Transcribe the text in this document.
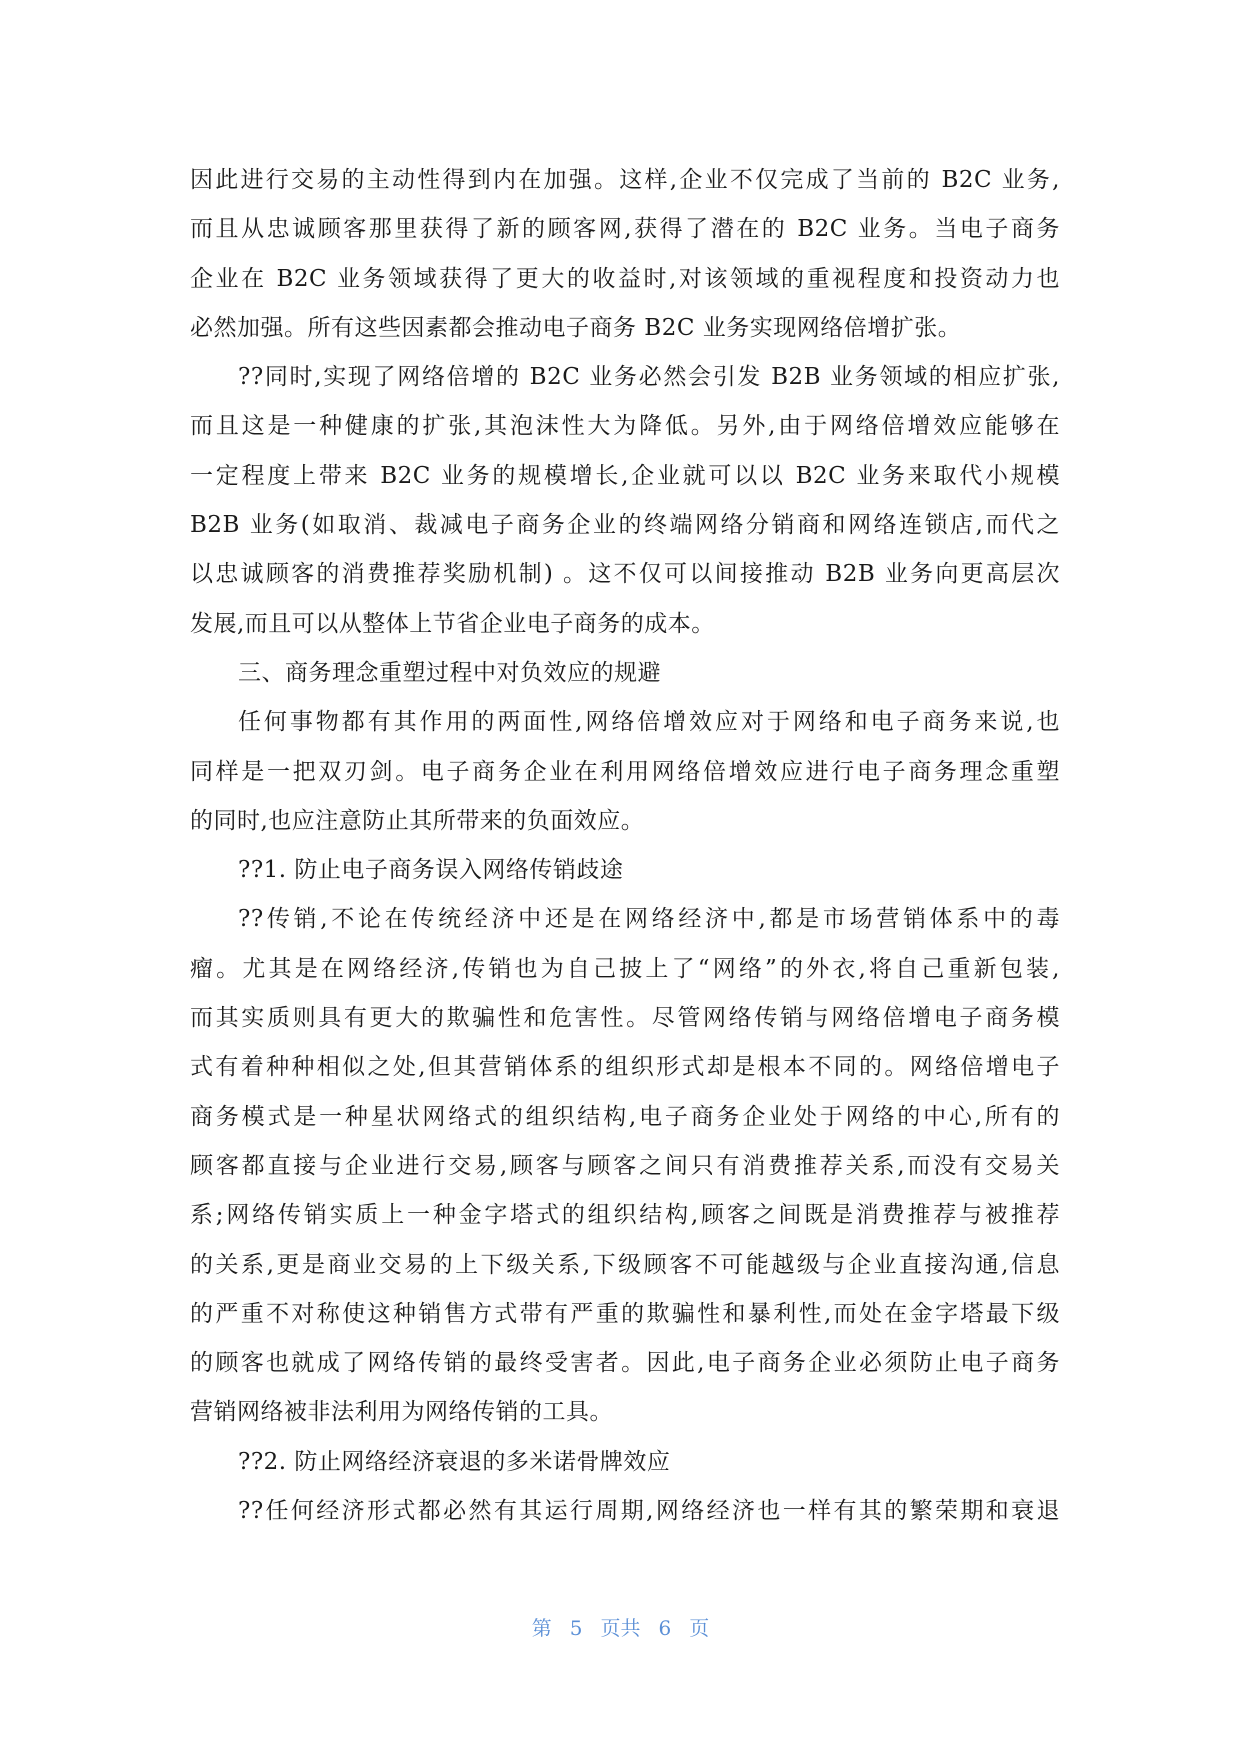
因此进行交易的主动性得到内在加强。这样,企业不仅完成了当前的 B2C 业务,
而且从忠诚顾客那里获得了新的顾客网,获得了潜在的 B2C 业务。当电子商务
企业在 B2C 业务领域获得了更大的收益时,对该领域的重视程度和投资动力也
必然加强。所有这些因素都会推动电子商务 B2C 业务实现网络倍增扩张。
??同时,实现了网络倍增的 B2C 业务必然会引发 B2B 业务领域的相应扩张,
而且这是一种健康的扩张,其泡沫性大为降低。另外,由于网络倍增效应能够在
一定程度上带来 B2C 业务的规模增长,企业就可以以 B2C 业务来取代小规模
B2B 业务(如取消、裁减电子商务企业的终端网络分销商和网络连锁店,而代之
以忠诚顾客的消费推荐奖励机制) 。这不仅可以间接推动 B2B 业务向更高层次
发展,而且可以从整体上节省企业电子商务的成本。
三、商务理念重塑过程中对负效应的规避
任何事物都有其作用的两面性,网络倍增效应对于网络和电子商务来说,也
同样是一把双刃剑。电子商务企业在利用网络倍增效应进行电子商务理念重塑
的同时,也应注意防止其所带来的负面效应。
??1. 防止电子商务误入网络传销歧途
??传销,不论在传统经济中还是在网络经济中,都是市场营销体系中的毒
瘤。尤其是在网络经济,传销也为自己披上了“网络”的外衣,将自己重新包装,
而其实质则具有更大的欺骗性和危害性。尽管网络传销与网络倍增电子商务模
式有着种种相似之处,但其营销体系的组织形式却是根本不同的。网络倍增电子
商务模式是一种星状网络式的组织结构,电子商务企业处于网络的中心,所有的
顾客都直接与企业进行交易,顾客与顾客之间只有消费推荐关系,而没有交易关
系;网络传销实质上一种金字塔式的组织结构,顾客之间既是消费推荐与被推荐
的关系,更是商业交易的上下级关系,下级顾客不可能越级与企业直接沟通,信息
的严重不对称使这种销售方式带有严重的欺骗性和暴利性,而处在金字塔最下级
的顾客也就成了网络传销的最终受害者。因此,电子商务企业必须防止电子商务
营销网络被非法利用为网络传销的工具。
??2. 防止网络经济衰退的多米诺骨牌效应
??任何经济形式都必然有其运行周期,网络经济也一样有其的繁荣期和衰退
第 5 页共 6 页
